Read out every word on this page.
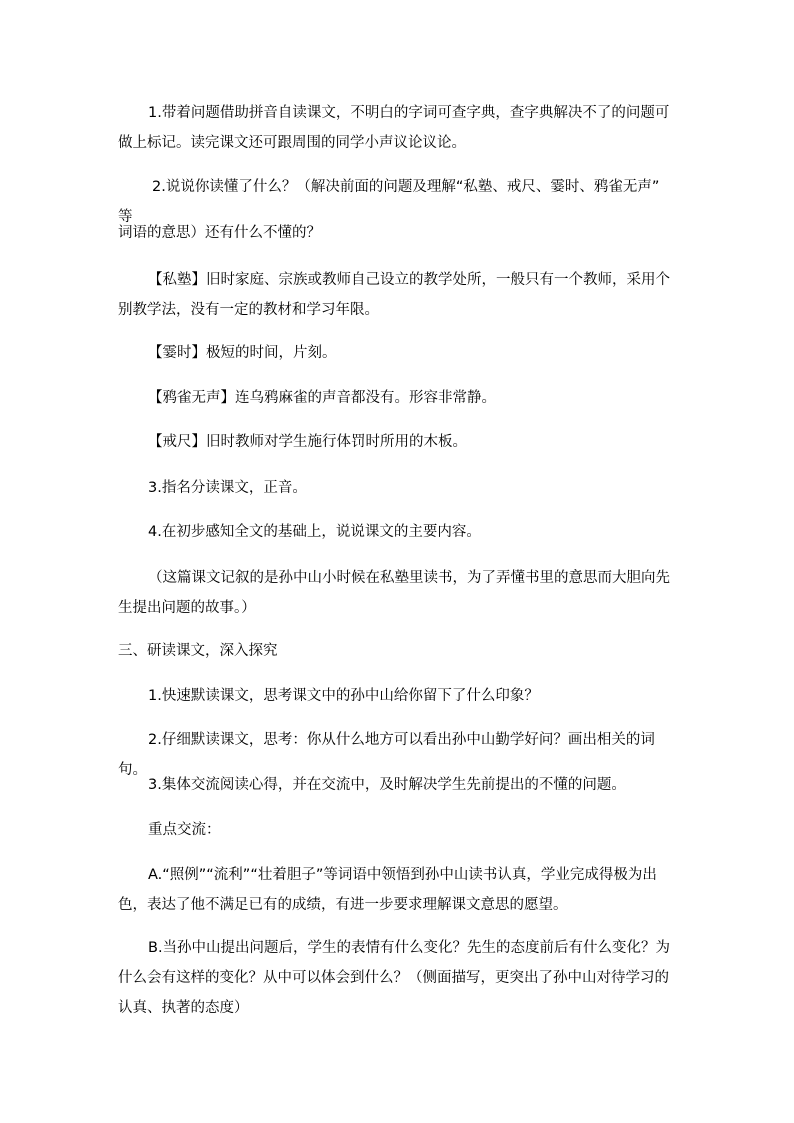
1.带着问题借助拼音自读课文，不明白的字词可查字典，查字典解决不了的问题可做上标记。读完课文还可跟周围的同学小声议论议论。

2.说说你读懂了什么？（解决前面的问题及理解“私塾、戒尺、霎时、鸦雀无声” 等

词语的意思）还有什么不懂的？

【私塾】旧时家庭、宗族或教师自己设立的教学处所，一般只有一个教师，采用个别教学法，没有一定的教材和学习年限。

【霎时】极短的时间，片刻。

【鸦雀无声】连乌鸦麻雀的声音都没有。形容非常静。

【戒尺】旧时教师对学生施行体罚时所用的木板。

3.指名分读课文，正音。

4.在初步感知全文的基础上，说说课文的主要内容。

（这篇课文记叙的是孙中山小时候在私塾里读书，为了弄懂书里的意思而大胆向先生提出问题的故事。）

三、研读课文，深入探究

1.快速默读课文，思考课文中的孙中山给你留下了什么印象？

2.仔细默读课文，思考：你从什么地方可以看出孙中山勤学好问？画出相关的词句。

3.集体交流阅读心得，并在交流中，及时解决学生先前提出的不懂的问题。

重点交流：

A.“照例”“流利”“壮着胆子”等词语中领悟到孙中山读书认真，学业完成得极为出色，表达了他不满足已有的成绩，有进一步要求理解课文意思的愿望。

B.当孙中山提出问题后，学生的表情有什么变化？先生的态度前后有什么变化？为什么会有这样的变化？从中可以体会到什么？（侧面描写，更突出了孙中山对待学习的认真、执著的态度）
